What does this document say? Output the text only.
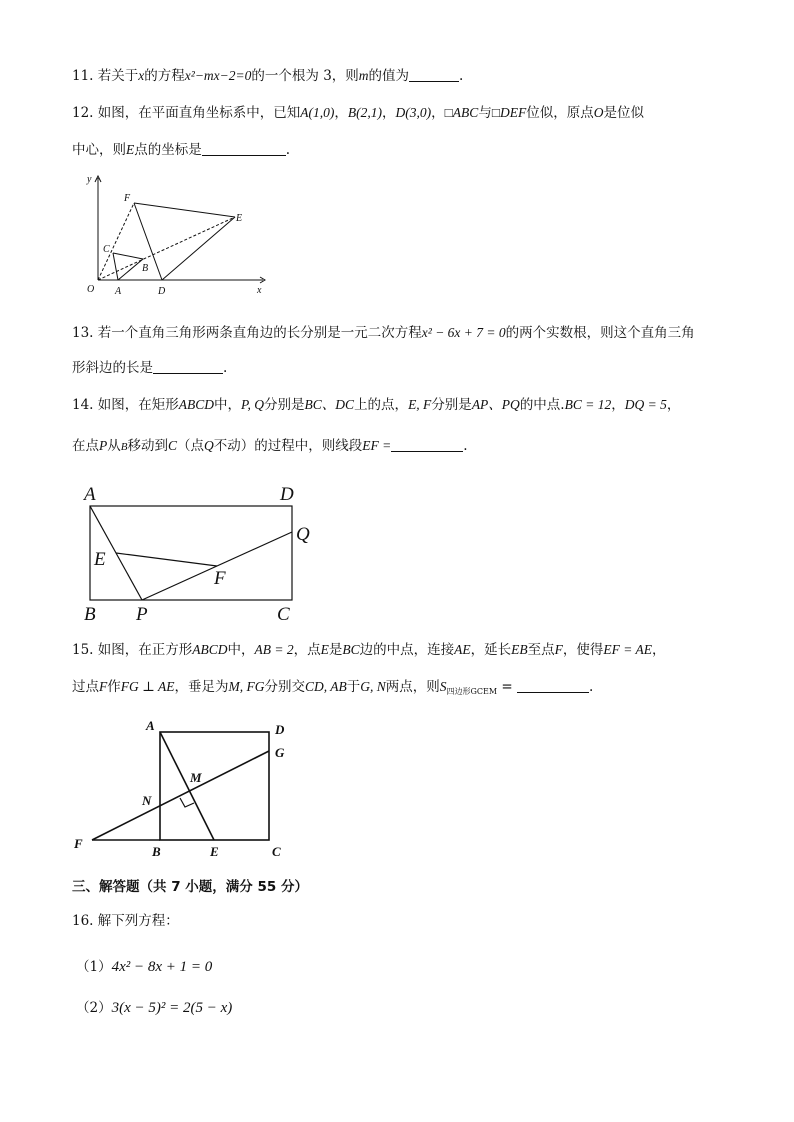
11. 若关于x的方程x²−mx−2=0的一个根为 3，则m的值为	.
12. 如图，在平面直角坐标系中，已知A(1,0)，B(2,1)，D(3,0)，□ABC与□DEF位似，原点O是位似
中心，则E点的坐标是	.
y
x
O A
B
C
D
E
F
13. 若一个直角三角形两条直角边的长分别是一元二次方程x² − 6x + 7 = 0的两个实数根，则这个直角三角
形斜边的长是	.
14. 如图，在矩形ABCD中，P, Q分别是BC、DC上的点，E, F分别是AP、PQ的中点.BC = 12，DQ = 5，
在点P从B移动到C（点Q不动）的过程中，则线段EF =	.
A	D
Q
E
F
B P	C
15. 如图，在正方形ABCD中，AB = 2，点E是BC边的中点，连接AE，延长EB至点F，使得EF = AE，
过点F作FG ⊥ AE，垂足为M, FG分别交CD, AB于G, N两点，则$S_{四边形GCEM}$ =	.
A	D
G
M
N
F
B	E	C
三、解答题（共 7 小题，满分 55 分）
16. 解下列方程：
（1）4x² − 8x + 1 = 0
（2）3(x − 5)² = 2(5 − x)
